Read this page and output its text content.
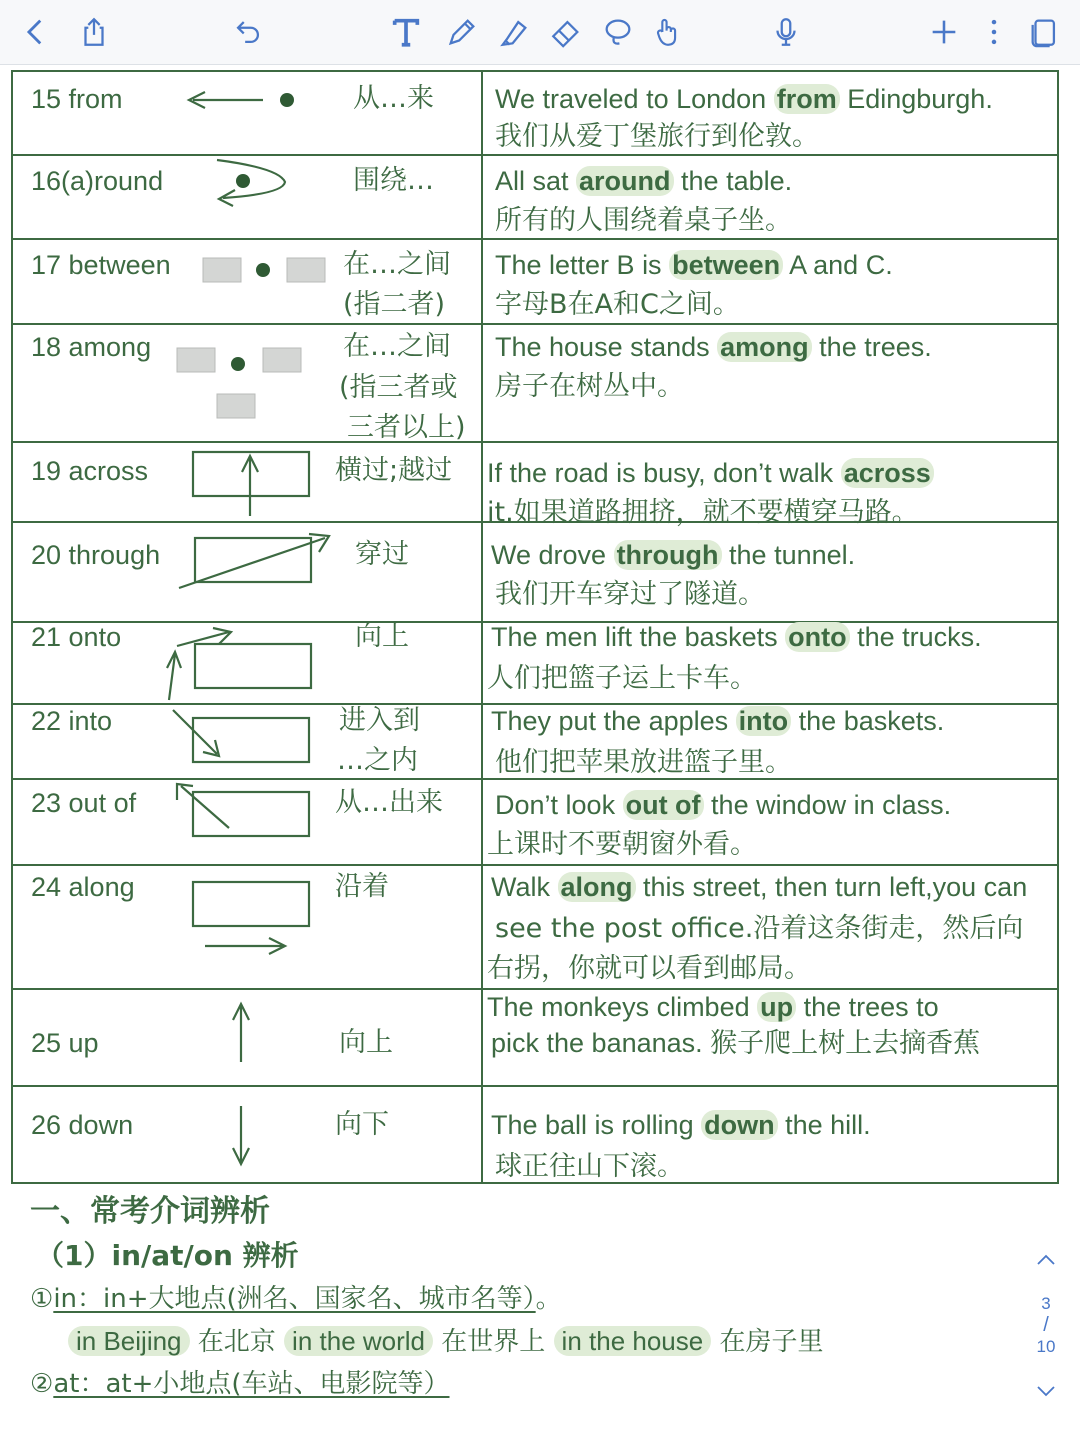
15 from	从…来 We traveled to London from Edingburgh.
我们从爱丁堡旅行到伦敦。
16(a)round	围绕… All sat around the table.
所有的人围绕着桌子坐。
17 between	在…之间
(指二者)
The letter B is between A and C.
字母B在A和C之间。
18 among	在…之间
(指三者或
三者以上)
The house stands among the trees.
房子在树丛中。
19 across	横过;越过 If the road is busy, don’t walk across
it.如果道路拥挤，就不要横穿马路。
20 through	穿过	We drove through the tunnel.
我们开车穿过了隧道。
21 onto	向上	The men lift the baskets onto the trucks.
人们把篮子运上卡车。
22 into	进入到
…之内
They put the apples into the baskets.
他们把苹果放进篮子里。
23 out of	从…出来 Don’t look out of the window in class.
上课时不要朝窗外看。
24 along	沿着	Walk along this street, then turn left,you can
see the post office.沿着这条街走，然后向
右拐，你就可以看到邮局。
25 up	向上
The monkeys climbed up the trees to
pick the bananas. 猴子爬上树上去摘香蕉
26 down	向下	The ball is rolling down the hill.
球正往山下滚。
一、常考介词辨析
（1）in/at/on 辨析
①in：in+大地点(洲名、国家名、城市名等）。
in Beijing 在北京 in the world 在世界上 in the house 在房子里
②at：at+小地点(车站、电影院等）
3
/
10
